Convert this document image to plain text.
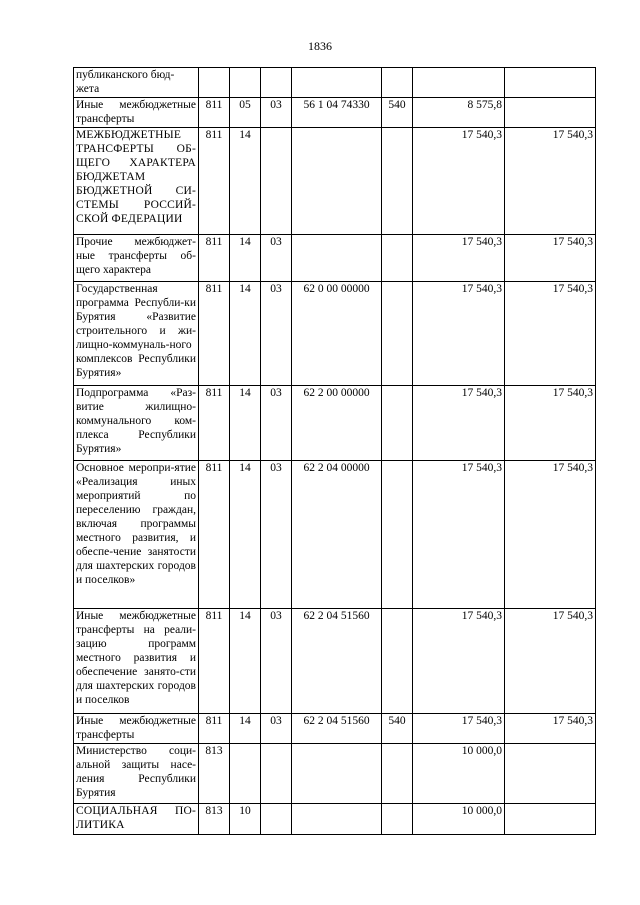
1836
публиканского бюд-
жета							
Иные межбюджетные трансферты	811	05	03	56 1 04 74330	540	8 575,8	
МЕЖБЮДЖЕТНЫЕ ТРАНСФЕРТЫ ОБ-ЩЕГО ХАРАКТЕРА БЮДЖЕТАМ БЮДЖЕТНОЙ СИ-СТЕМЫ РОССИЙ-СКОЙ ФЕДЕРАЦИИ	811	14				17 540,3	17 540,3
Прочие межбюджет-ные трансферты об-щего характера	811	14	03			17 540,3	17 540,3
Государственная программа Республи-ки Бурятия «Развитие строительного и жи-лищно-коммуналь-ного комплексов Республики Бурятия»	811	14	03	62 0 00 00000		17 540,3	17 540,3
Подпрограмма «Раз-витие жилищно-коммунального ком-плекса Республики Бурятия»	811	14	03	62 2 00 00000		17 540,3	17 540,3
Основное меропри-ятие «Реализация иных мероприятий по переселению граждан, включая программы местного развития, и обеспе-чение занятости для шахтерских городов и поселков»	811	14	03	62 2 04 00000		17 540,3	17 540,3
Иные межбюджетные трансферты на реали-зацию программ местного развития и обеспечение занято-сти для шахтерских городов и поселков	811	14	03	62 2 04 51560		17 540,3	17 540,3
Иные межбюджетные трансферты	811	14	03	62 2 04 51560	540	17 540,3	17 540,3
Министерство соци-альной защиты насе-ления Республики Бурятия	813					10 000,0	
СОЦИАЛЬНАЯ ПО-ЛИТИКА	813	10				10 000,0	
